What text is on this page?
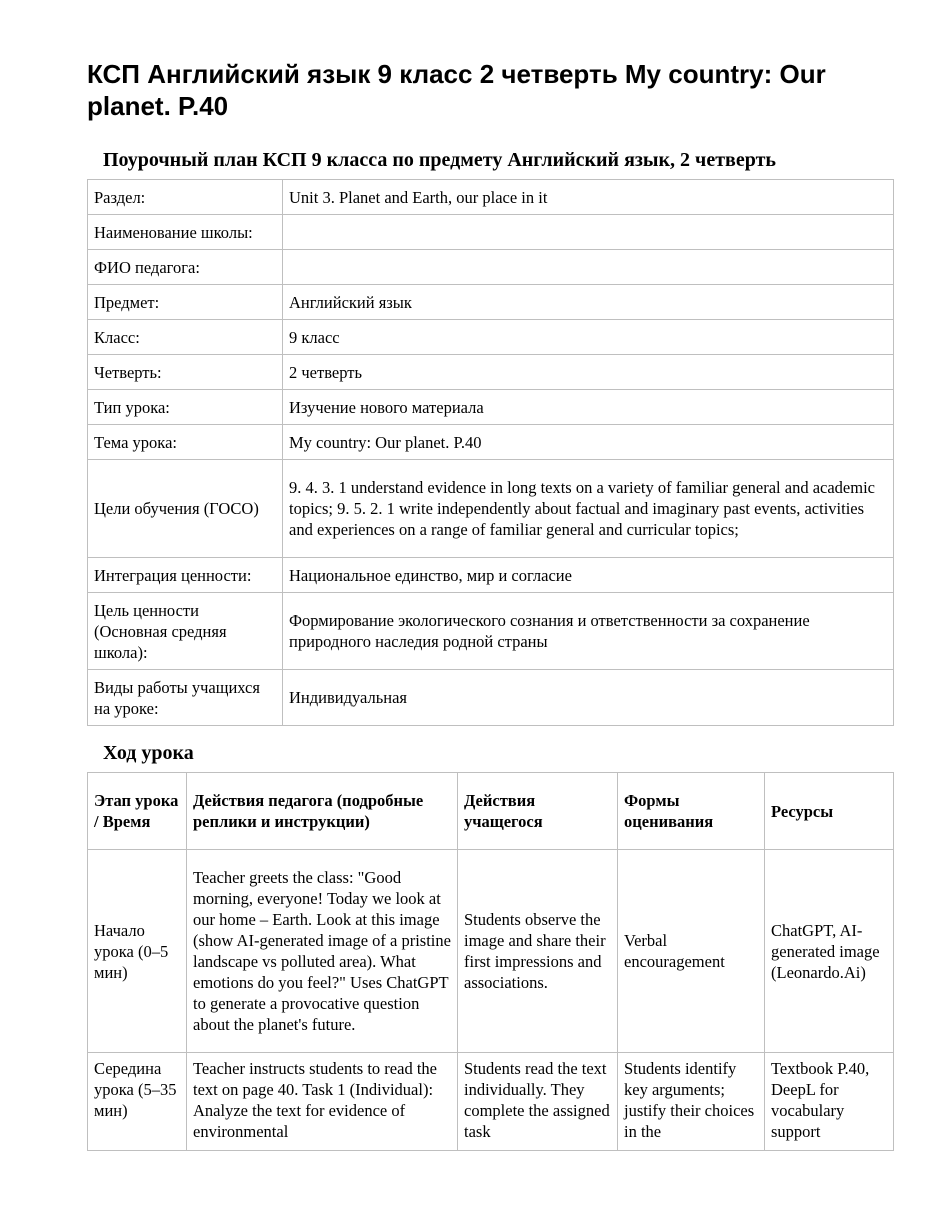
КСП Английский язык 9 класс 2 четверть My country: Our planet. P.40
Поурочный план КСП 9 класса по предмету Английский язык, 2 четверть
Раздел:	Unit 3. Planet and Earth, our place in it
Наименование школы:	
ФИО педагога:	
Предмет:	Английский язык
Класс:	9 класс
Четверть:	2 четверть
Тип урока:	Изучение нового материала
Тема урока:	My country: Our planet. P.40
Цели обучения (ГОСО)	9. 4. 3. 1 understand evidence in long texts on a variety of familiar general and academic topics; 9. 5. 2. 1 write independently about factual and imaginary past events, activities and experiences on a range of familiar general and curricular topics;
Интеграция ценности:	Национальное единство, мир и согласие
Цель ценности (Основная средняя школа):	Формирование экологического сознания и ответственности за сохранение природного наследия родной страны
Виды работы учащихся на уроке:	Индивидуальная
Ход урока
Этап урока / Время	Действия педагога (подробные реплики и инструкции)	Действия учащегося	Формы оценивания	Ресурсы
Начало урока (0–5 мин)	Teacher greets the class: "Good morning, everyone! Today we look at our home – Earth. Look at this image (show AI-generated image of a pristine landscape vs polluted area). What emotions do you feel?" Uses ChatGPT to generate a provocative question about the planet's future.	Students observe the image and share their first impressions and associations.	Verbal encouragement	ChatGPT, AI-generated image (Leonardo.Ai)
Середина урока (5–35 мин)	Teacher instructs students to read the text on page 40. Task 1 (Individual): Analyze the text for evidence of environmental	Students read the text individually. They complete the assigned task	Students identify key arguments; justify their choices in the	Textbook P.40, DeepL for vocabulary support
